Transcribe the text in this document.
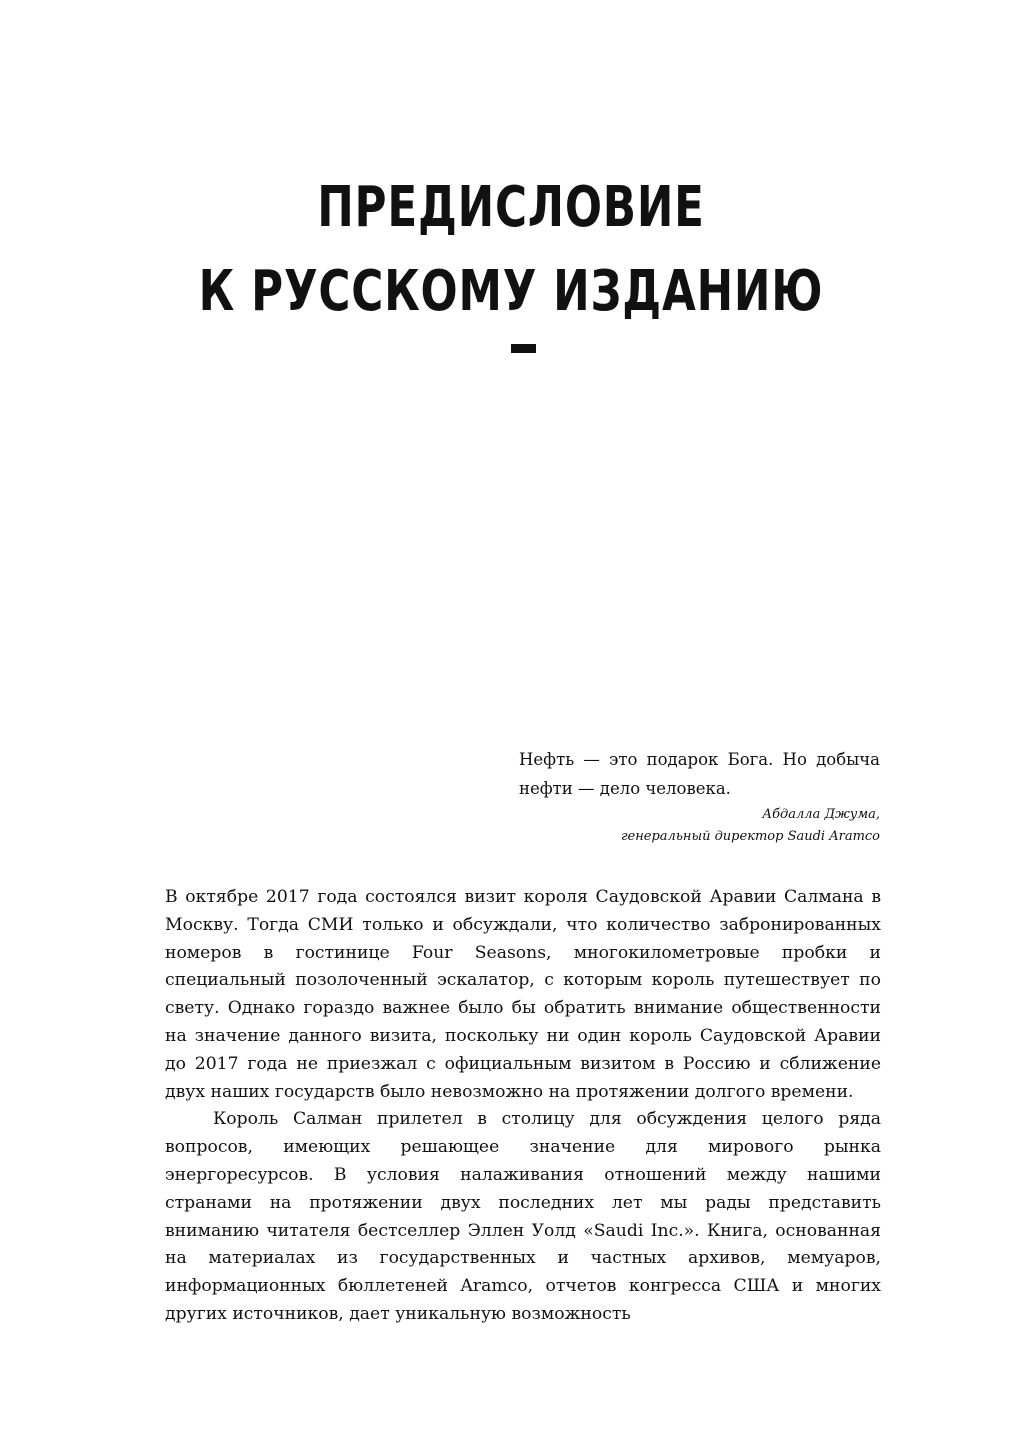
ПРЕДИСЛОВИЕ
К РУССКОМУ ИЗДАНИЮ

Нефть — это подарок Бога. Но добыча нефти — дело человека.

Абдалла Джума,

генеральный директор Saudi Aramco

В октябре 2017 года состоялся визит короля Саудовской Аравии Салмана в Москву. Тогда СМИ только и обсуждали, что количество забронированных номеров в гостинице Four Seasons, многокилометровые пробки и специальный позолоченный эскалатор, с которым король путешествует по свету. Однако гораздо важнее было бы обратить внимание общественности на значение данного визита, поскольку ни один король Саудовской Аравии до 2017 года не приезжал с официальным визитом в Россию и сближение двух наших государств было невозможно на протяжении долгого времени.

Король Салман прилетел в столицу для обсуждения целого ряда вопросов, имеющих решающее значение для мирового рынка энергоресурсов. В условия налаживания отношений между нашими странами на протяжении двух последних лет мы рады представить вниманию читателя бестселлер Эллен Уолд «Saudi Inc.». Книга, основанная на материалах из государственных и частных архивов, мемуаров, информационных бюллетеней Aramco, отчетов конгресса США и многих других источников, дает уникальную возможность
